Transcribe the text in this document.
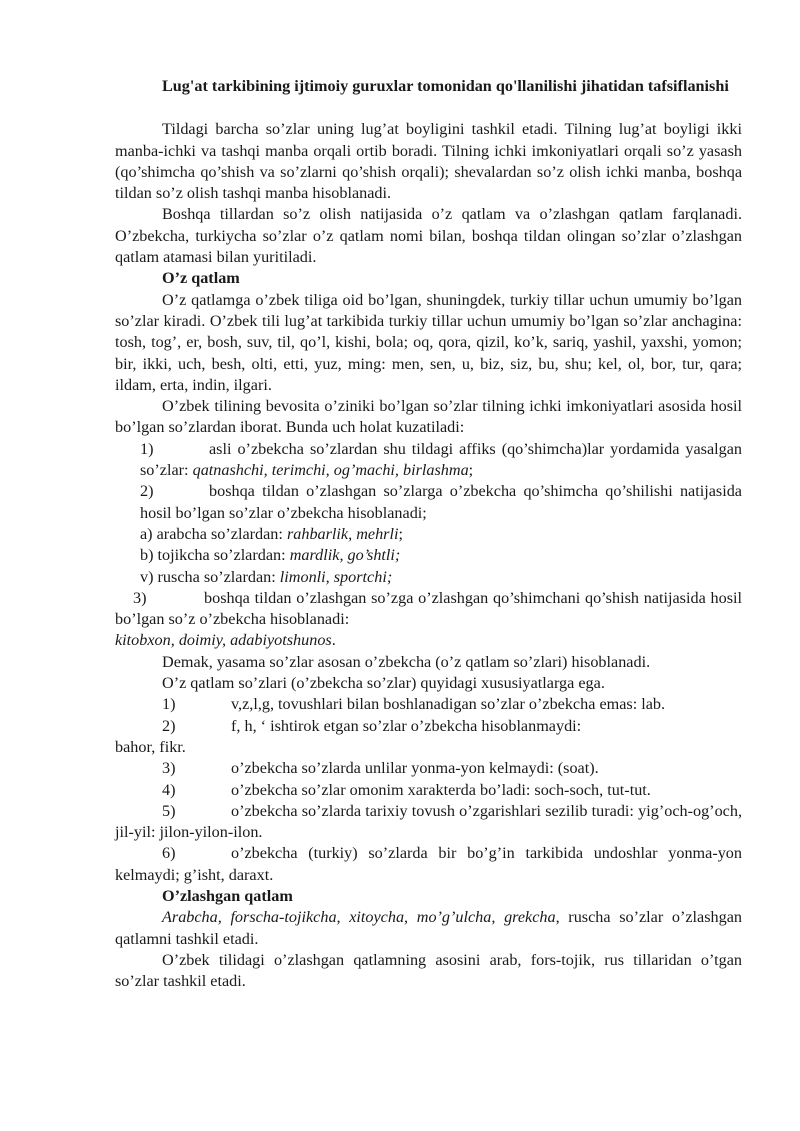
Lug'at tarkibining ijtimoiy guruxlar tomonidan qo'llanilishi jihatidan tafsiflanishi

Tildagi barcha so’zlar uning lug’at boyligini tashkil etadi. Tilning lug’at boyligi ikki manba-ichki va tashqi manba orqali ortib boradi. Tilning ichki imkoniyatlari orqali so’z yasash (qo’shimcha qo’shish va so’zlarni qo’shish orqali); shevalardan so’z olish ichki manba, boshqa tildan so’z olish tashqi manba hisoblanadi.

Boshqa tillardan so’z olish natijasida o’z qatlam va o’zlashgan qatlam farqlanadi. O’zbekcha, turkiycha so’zlar o’z qatlam nomi bilan, boshqa tildan olingan so’zlar o’zlashgan qatlam atamasi bilan yuritiladi.

O’z qatlam

O’z qatlamga o’zbek tiliga oid bo’lgan, shuningdek, turkiy tillar uchun umumiy bo’lgan so’zlar kiradi. O’zbek tili lug’at tarkibida turkiy tillar uchun umumiy bo’lgan so’zlar anchagina: tosh, tog’, er, bosh, suv, til, qo’l, kishi, bola; oq, qora, qizil, ko’k, sariq, yashil, yaxshi, yomon; bir, ikki, uch, besh, olti, etti, yuz, ming: men, sen, u, biz, siz, bu, shu; kel, ol, bor, tur, qara; ildam, erta, indin, ilgari.

O’zbek tilining bevosita o’ziniki bo’lgan so’zlar tilning ichki imkoniyatlari asosida hosil bo’lgan so’zlardan iborat. Bunda uch holat kuzatiladi:

1)	asli o’zbekcha so’zlardan shu tildagi affiks (qo’shimcha)lar yordamida yasalgan so’zlar: qatnashchi, terimchi, og’machi, birlashma;

2)	boshqa tildan o’zlashgan so’zlarga o’zbekcha qo’shimcha qo’shilishi natijasida hosil bo’lgan so’zlar o’zbekcha hisoblanadi;

a) arabcha so’zlardan: rahbarlik, mehrli;

b) tojikcha so’zlardan: mardlik, go’shtli;

v) ruscha so’zlardan: limonli, sportchi;

3)	boshqa tildan o’zlashgan so’zga o’zlashgan qo’shimchani qo’shish natijasida hosil bo’lgan so’z o’zbekcha hisoblanadi:

kitobxon, doimiy, adabiyotshunos.

Demak, yasama so’zlar asosan o’zbekcha (o’z qatlam so’zlari) hisoblanadi.

O’z qatlam so’zlari (o’zbekcha so’zlar) quyidagi xususiyatlarga ega.

1)	v,z,l,g, tovushlari bilan boshlanadigan so’zlar o’zbekcha emas: lab.

2)	f, h, ‘ ishtirok etgan so’zlar o’zbekcha hisoblanmaydi:

bahor, fikr.

3)	o’zbekcha so’zlarda unlilar yonma-yon kelmaydi: (soat).

4)	o’zbekcha so’zlar omonim xarakterda bo’ladi: soch-soch, tut-tut.

5)	o’zbekcha so’zlarda tarixiy tovush o’zgarishlari sezilib turadi: yig’och-og’och, jil-yil: jilon-yilon-ilon.

6)	o’zbekcha (turkiy) so’zlarda bir bo’g’in tarkibida undoshlar yonma-yon kelmaydi; g’isht, daraxt.

O’zlashgan qatlam

Arabcha, forscha-tojikcha, xitoycha, mo’g’ulcha, grekcha, ruscha so’zlar o’zlashgan qatlamni tashkil etadi.

O’zbek tilidagi o’zlashgan qatlamning asosini arab, fors-tojik, rus tillaridan o’tgan so’zlar tashkil etadi.
